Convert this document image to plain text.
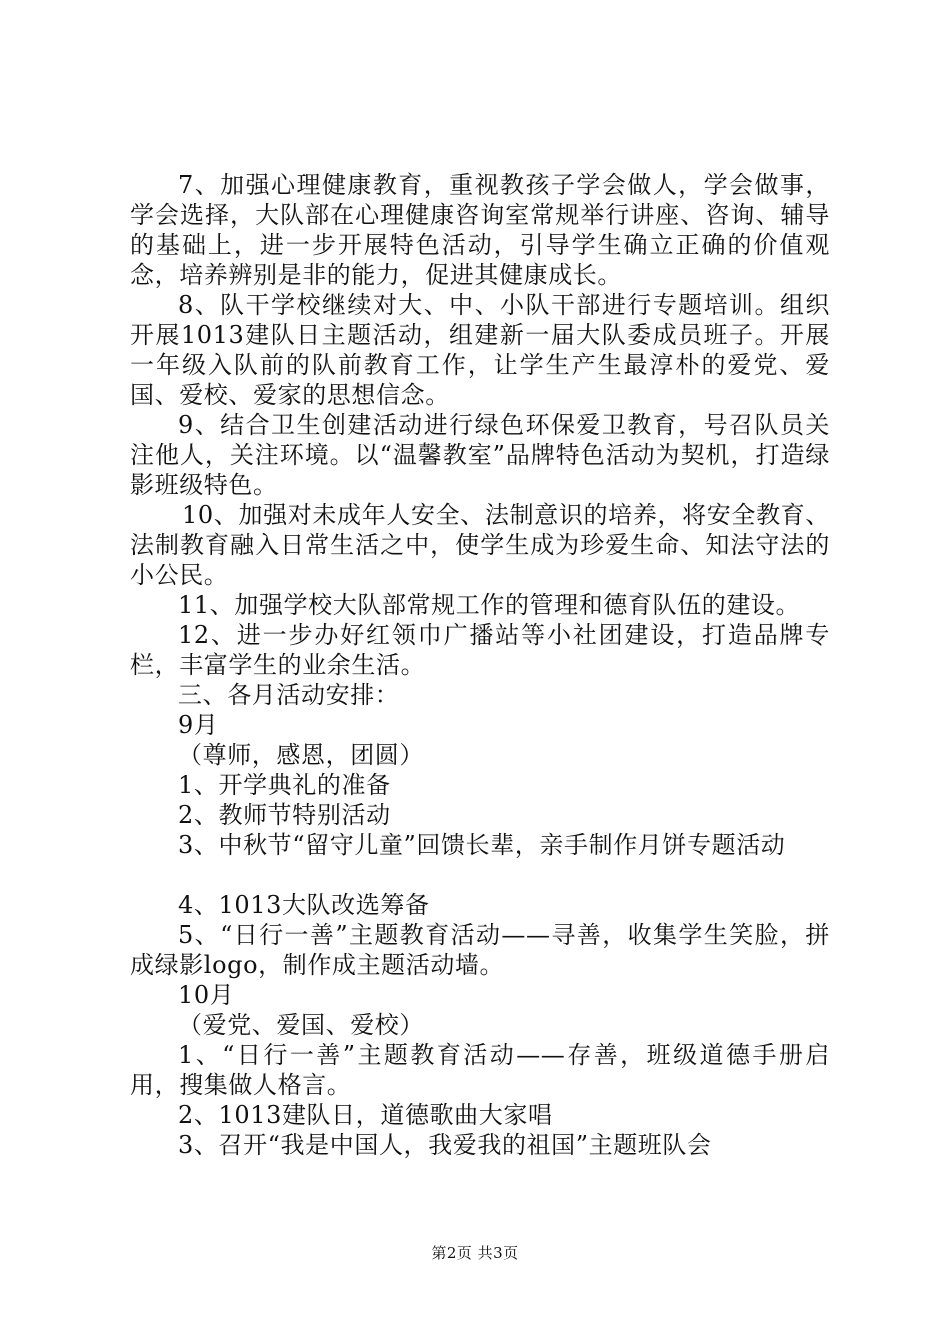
7、加强心理健康教育，重视教孩子学会做人，学会做事，学会选择，大队部在心理健康咨询室常规举行讲座、咨询、辅导的基础上，进一步开展特色活动，引导学生确立正确的价值观念，培养辨别是非的能力，促进其健康成长。

8、队干学校继续对大、中、小队干部进行专题培训。组织开展1013建队日主题活动，组建新一届大队委成员班子。开展一年级入队前的队前教育工作，让学生产生最淳朴的爱党、爱国、爱校、爱家的思想信念。

9、结合卫生创建活动进行绿色环保爱卫教育，号召队员关注他人，关注环境。以“温馨教室”品牌特色活动为契机，打造绿影班级特色。

10、加强对未成年人安全、法制意识的培养，将安全教育、法制教育融入日常生活之中，使学生成为珍爱生命、知法守法的小公民。

11、加强学校大队部常规工作的管理和德育队伍的建设。

12、进一步办好红领巾广播站等小社团建设，打造品牌专栏，丰富学生的业余生活。

三、各月活动安排：

9月

（尊师，感恩，团圆）

1、开学典礼的准备

2、教师节特别活动

3、中秋节“留守儿童”回馈长辈，亲手制作月饼专题活动

4、1013大队改选筹备

5、“日行一善”主题教育活动——寻善，收集学生笑脸，拼成绿影logo，制作成主题活动墙。

10月

（爱党、爱国、爱校）

1、“日行一善”主题教育活动——存善，班级道德手册启用，搜集做人格言。

2、1013建队日，道德歌曲大家唱

3、召开“我是中国人，我爱我的祖国”主题班队会

第2页 共3页
